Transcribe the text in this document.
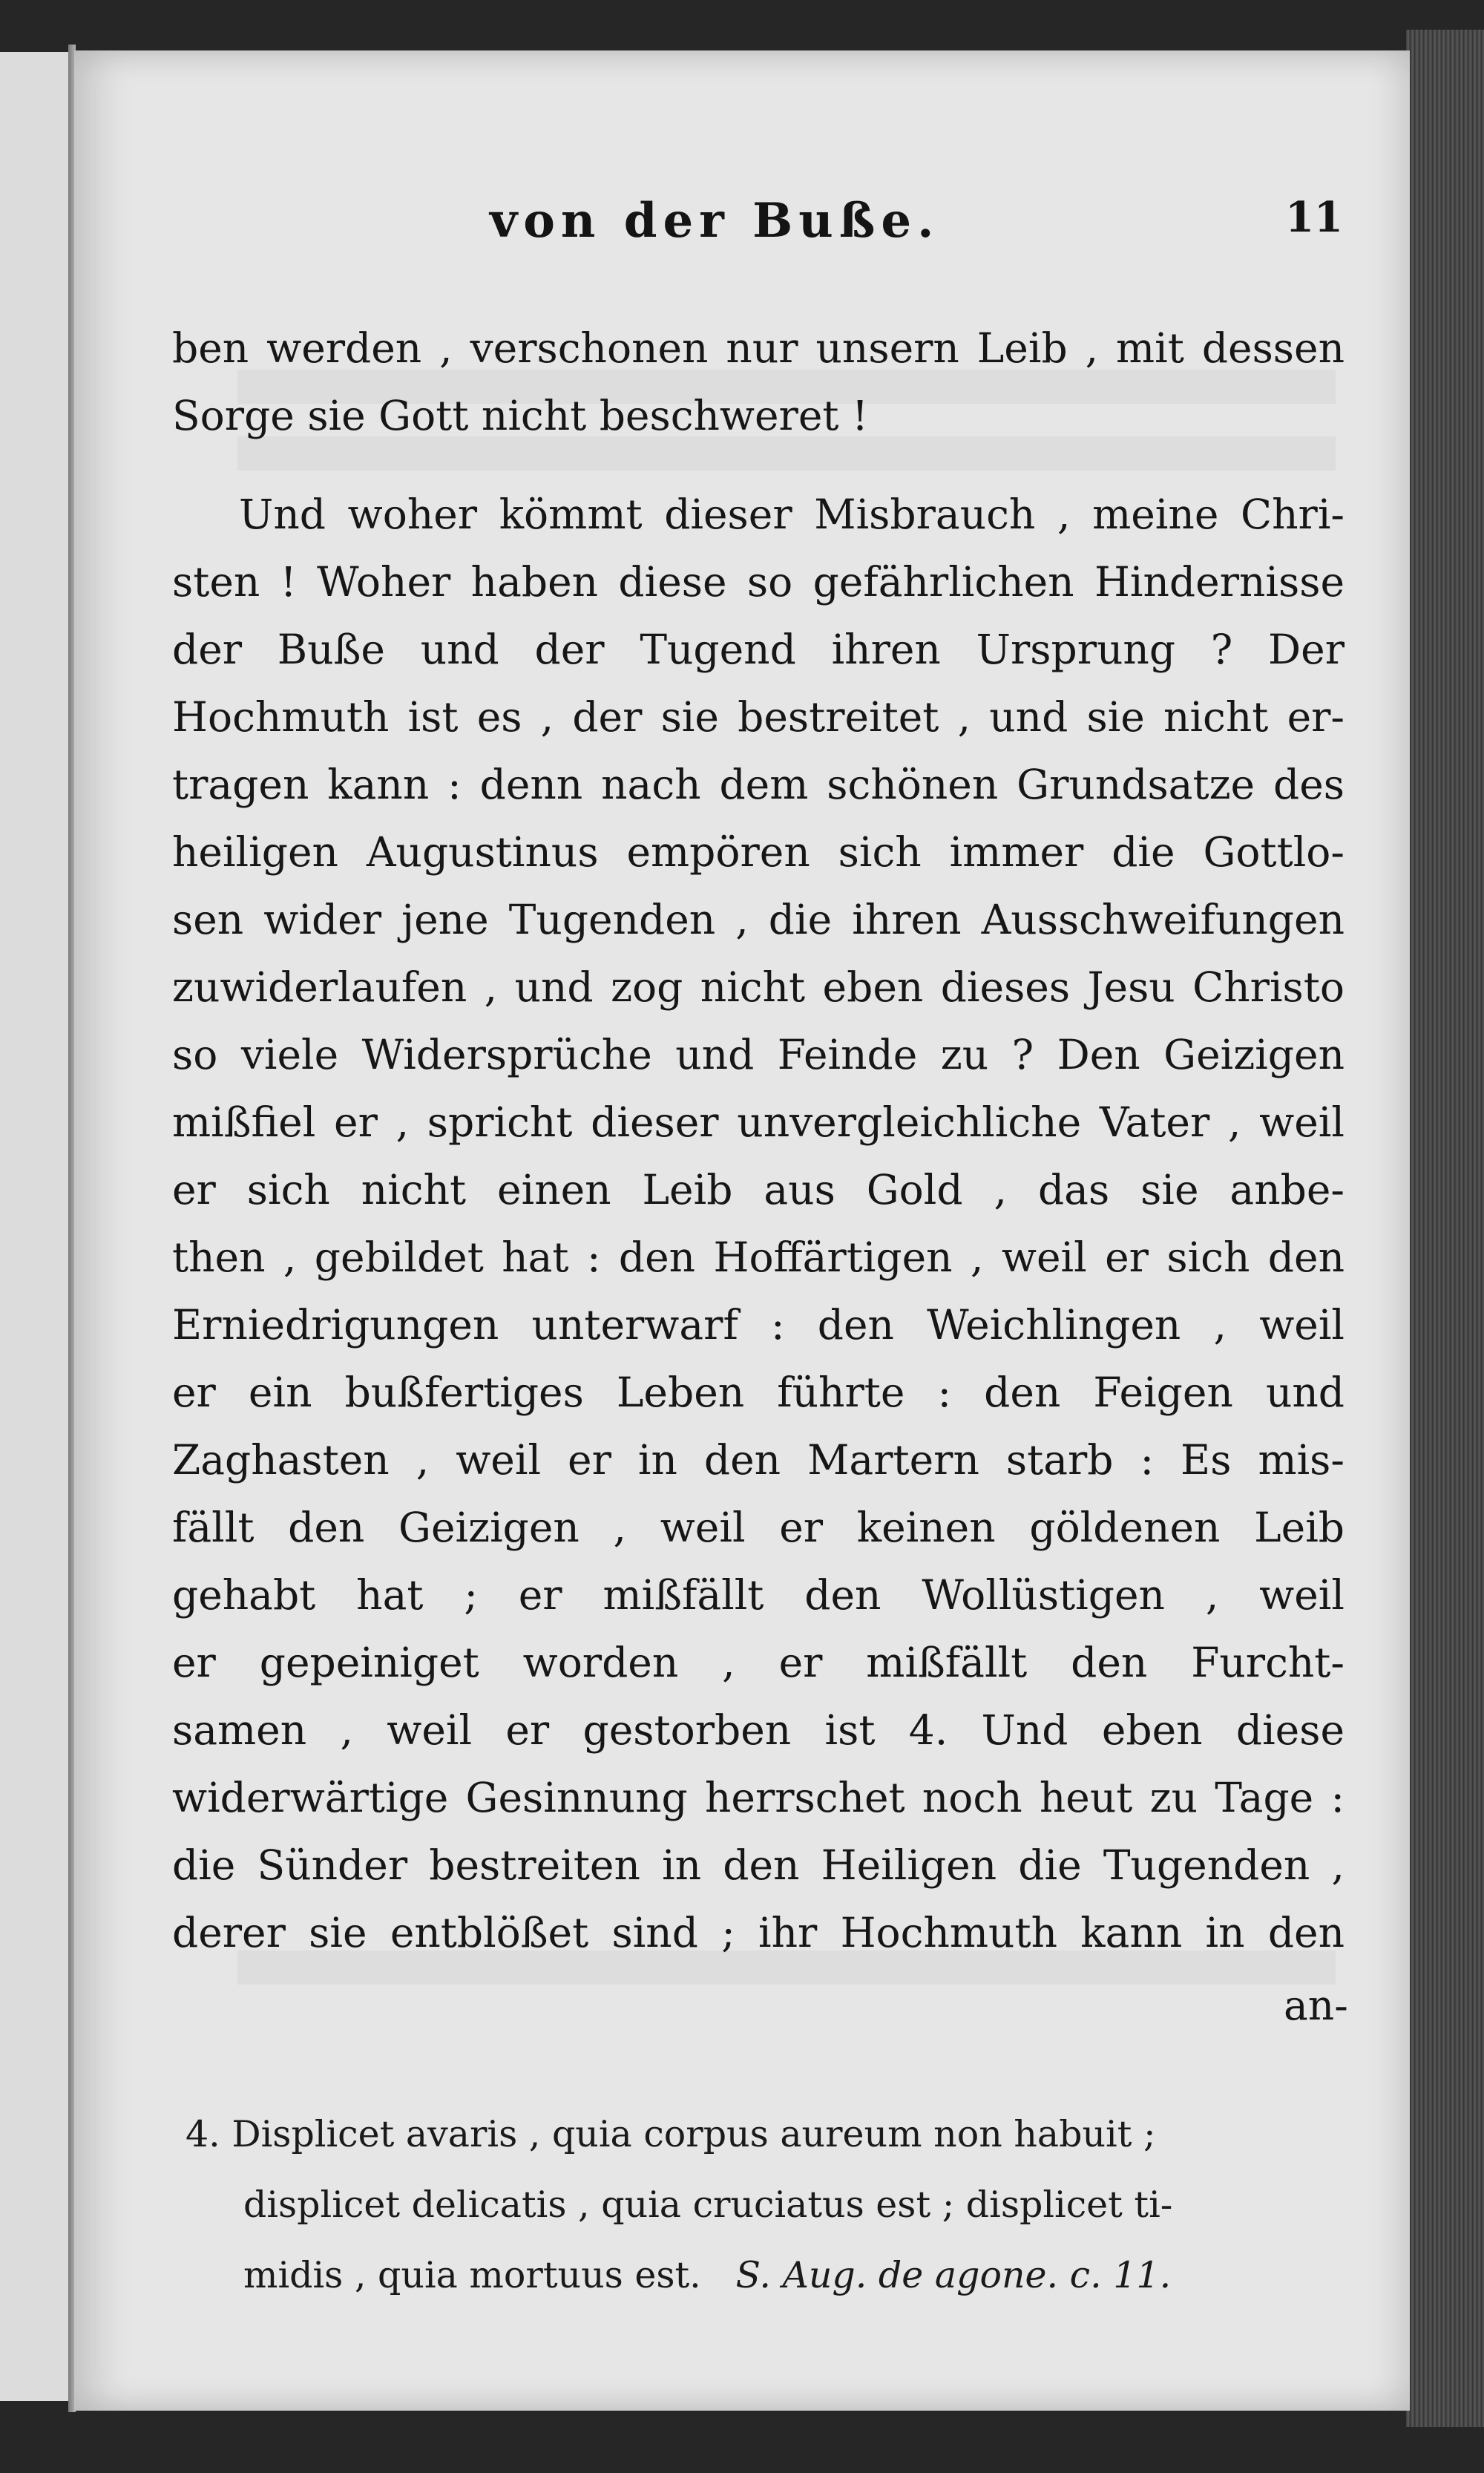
von der Buße.	11
ben werden , verschonen nur unsern Leib , mit dessen
Sorge sie Gott nicht beschweret !
Und woher kömmt dieser Misbrauch , meine Chri-
sten ! Woher haben diese so gefährlichen Hindernisse
der Buße und der Tugend ihren Ursprung ? Der
Hochmuth ist es , der sie bestreitet , und sie nicht er-
tragen kann : denn nach dem schönen Grundsatze des
heiligen Augustinus empören sich immer die Gottlo-
sen wider jene Tugenden , die ihren Ausschweifungen
zuwiderlaufen , und zog nicht eben dieses Jesu Christo
so viele Widersprüche und Feinde zu ? Den Geizigen
mißfiel er , spricht dieser unvergleichliche Vater , weil
er sich nicht einen Leib aus Gold , das sie anbe-
then , gebildet hat : den Hoffärtigen , weil er sich den
Erniedrigungen unterwarf : den Weichlingen , weil
er ein bußfertiges Leben führte : den Feigen und
Zaghasten , weil er in den Martern starb : Es mis-
fällt den Geizigen , weil er keinen göldenen Leib
gehabt hat ; er mißfällt den Wollüstigen , weil
er gepeiniget worden , er mißfällt den Furcht-
samen , weil er gestorben ist 4. Und eben diese
widerwärtige Gesinnung herrschet noch heut zu Tage :
die Sünder bestreiten in den Heiligen die Tugenden ,
derer sie entblößet sind ; ihr Hochmuth kann in den
an-
4. Displicet avaris , quia corpus aureum non habuit ;
displicet delicatis , quia cruciatus est ; displicet ti-
midis , quia mortuus est. S. Aug. de agone. c. 11.
